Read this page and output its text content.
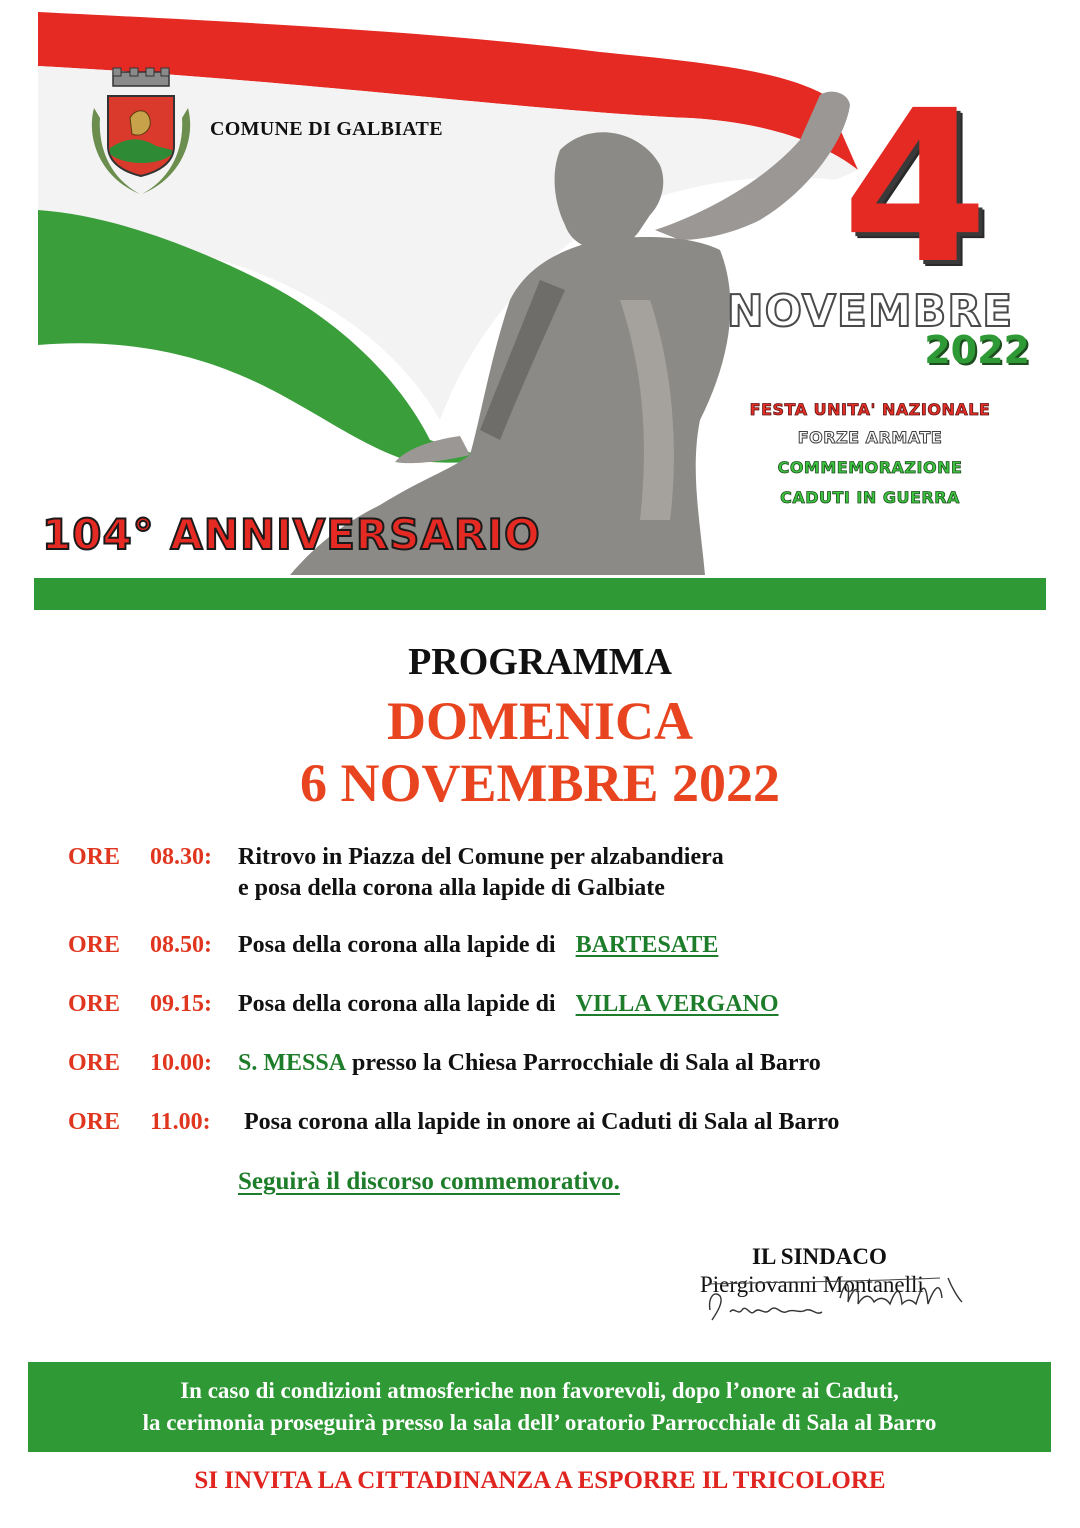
COMUNE DI GALBIATE 4
NOVEMBRE
2022
FESTA UNITA' NAZIONALE
FORZE ARMATE
COMMEMORAZIONE
CADUTI IN GUERRA
104° ANNIVERSARIO
PROGRAMMA
DOMENICA
6 NOVEMBRE 2022
ORE 08.30: Ritrovo in Piazza del Comune per alzabandiera
e posa della corona alla lapide di Galbiate
ORE 08.50: Posa della corona alla lapide di BARTESATE
ORE 09.15: Posa della corona alla lapide di VILLA VERGANO
ORE 10.00: S. MESSA presso la Chiesa Parrocchiale di Sala al Barro
ORE 11.00: Posa corona alla lapide in onore ai Caduti di Sala al Barro
Seguirà il discorso commemorativo.
IL SINDACO
Piergiovanni Montanelli
In caso di condizioni atmosferiche non favorevoli, dopo l’onore ai Caduti,
la cerimonia proseguirà presso la sala dell’ oratorio Parrocchiale di Sala al Barro
SI INVITA LA CITTADINANZA A ESPORRE IL TRICOLORE
